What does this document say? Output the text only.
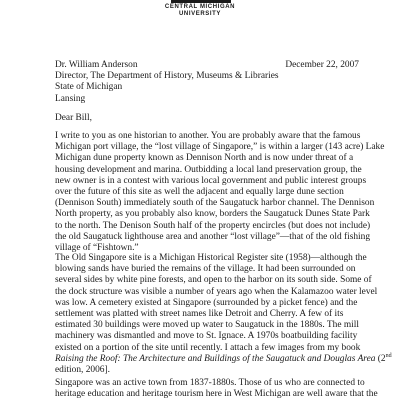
CENTRAL MICHIGAN
UNIVERSITY
December 22, 2007
Dr. William Anderson
Director, The Department of History, Museums & Libraries
State of Michigan
Lansing
Dear Bill,
I write to you as one historian to another. You are probably aware that the famous
Michigan port village, the “lost village of Singapore,” is within a larger (143 acre) Lake
Michigan dune property known as Dennison North and is now under threat of a
housing development and marina. Outbidding a local land preservation group, the
new owner is in a contest with various local government and public interest groups
over the future of this site as well the adjacent and equally large dune section
(Dennison South) immediately south of the Saugatuck harbor channel. The Dennison
North property, as you probably also know, borders the Saugatuck Dunes State Park
to the north. The Denison South half of the property encircles (but does not include)
the old Saugatuck lighthouse area and another “lost village”—that of the old fishing
village of “Fishtown.”
The Old Singapore site is a Michigan Historical Register site (1958)—although the
blowing sands have buried the remains of the village. It had been surrounded on
several sides by white pine forests, and open to the harbor on its south side. Some of
the dock structure was visible a number of years ago when the Kalamazoo water level
was low. A cemetery existed at Singapore (surrounded by a picket fence) and the
settlement was platted with street names like Detroit and Cherry. A few of its
estimated 30 buildings were moved up water to Saugatuck in the 1880s. The mill
machinery was dismantled and move to St. Ignace. A 1970s boatbuilding facility
existed on a portion of the site until recently. I attach a few images from my book
Raising the Roof: The Architecture and Buildings of the Saugatuck and Douglas Area (2nd
edition, 2006].
Singapore was an active town from 1837-1880s. Those of us who are connected to
heritage education and heritage tourism here in West Michigan are well aware that the
